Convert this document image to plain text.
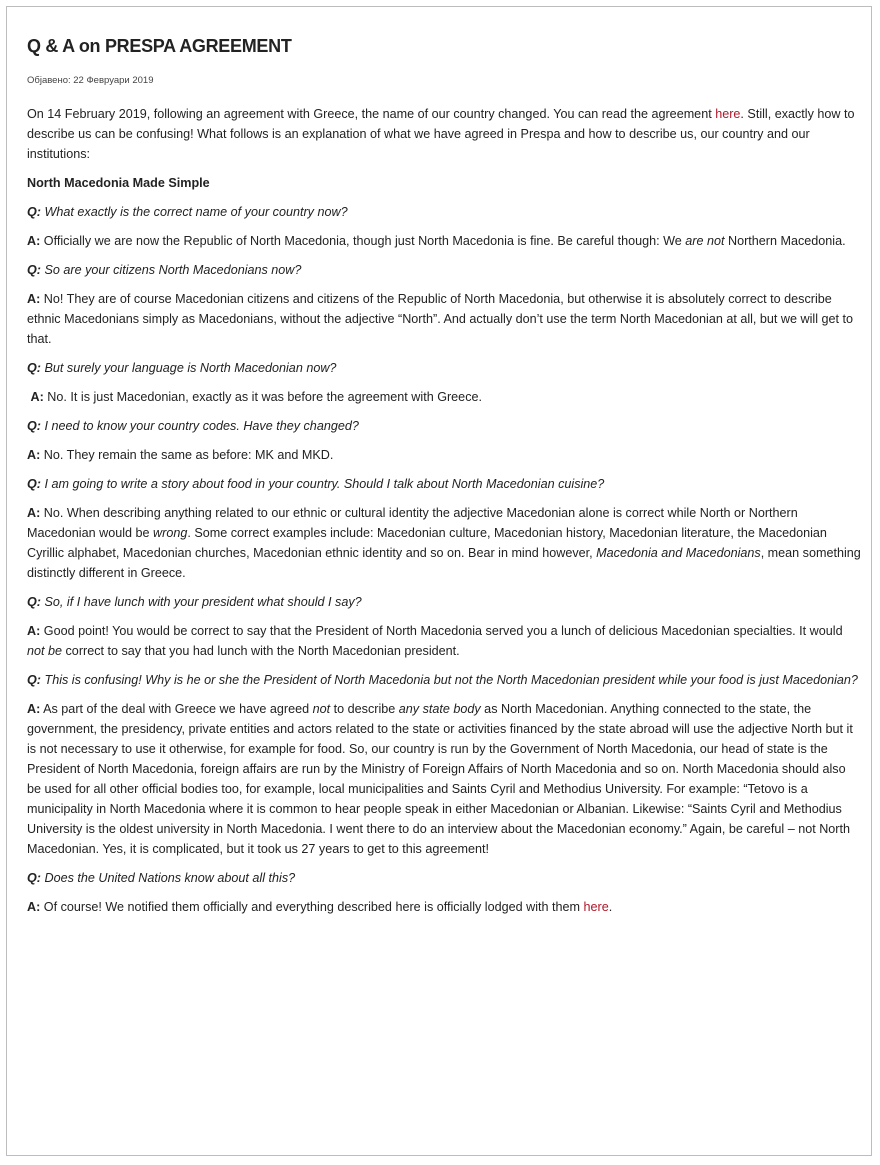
Q & A on PRESPA AGREEMENT
Објавено: 22 Февруари 2019

On 14 February 2019, following an agreement with Greece, the name of our country changed. You can read the agreement here. Still, exactly how to describe us can be confusing! What follows is an explanation of what we have agreed in Prespa and how to describe us, our country and our institutions:

North Macedonia Made Simple

Q: What exactly is the correct name of your country now?

A: Officially we are now the Republic of North Macedonia, though just North Macedonia is fine. Be careful though: We are not Northern Macedonia.

Q: So are your citizens North Macedonians now?

A: No! They are of course Macedonian citizens and citizens of the Republic of North Macedonia, but otherwise it is absolutely correct to describe ethnic Macedonians simply as Macedonians, without the adjective “North”. And actually don’t use the term North Macedonian at all, but we will get to that.

Q: But surely your language is North Macedonian now?

A: No. It is just Macedonian, exactly as it was before the agreement with Greece.

Q: I need to know your country codes. Have they changed?

A: No. They remain the same as before: MK and MKD.

Q: I am going to write a story about food in your country. Should I talk about North Macedonian cuisine?

A: No. When describing anything related to our ethnic or cultural identity the adjective Macedonian alone is correct while North or Northern Macedonian would be wrong. Some correct examples include: Macedonian culture, Macedonian history, Macedonian literature, the Macedonian Cyrillic alphabet, Macedonian churches, Macedonian ethnic identity and so on. Bear in mind however, Macedonia and Macedonians, mean something distinctly different in Greece.

Q: So, if I have lunch with your president what should I say?

A: Good point! You would be correct to say that the President of North Macedonia served you a lunch of delicious Macedonian specialties. It would not be correct to say that you had lunch with the North Macedonian president.

Q: This is confusing! Why is he or she the President of North Macedonia but not the North Macedonian president while your food is just Macedonian?

A: As part of the deal with Greece we have agreed not to describe any state body as North Macedonian. Anything connected to the state, the government, the presidency, private entities and actors related to the state or activities financed by the state abroad will use the adjective North but it is not necessary to use it otherwise, for example for food. So, our country is run by the Government of North Macedonia, our head of state is the President of North Macedonia, foreign affairs are run by the Ministry of Foreign Affairs of North Macedonia and so on. North Macedonia should also be used for all other official bodies too, for example, local municipalities and Saints Cyril and Methodius University. For example: “Tetovo is a municipality in North Macedonia where it is common to hear people speak in either Macedonian or Albanian. Likewise: “Saints Cyril and Methodius University is the oldest university in North Macedonia. I went there to do an interview about the Macedonian economy.” Again, be careful – not North Macedonian. Yes, it is complicated, but it took us 27 years to get to this agreement!

Q: Does the United Nations know about all this?

A: Of course! We notified them officially and everything described here is officially lodged with them here.
